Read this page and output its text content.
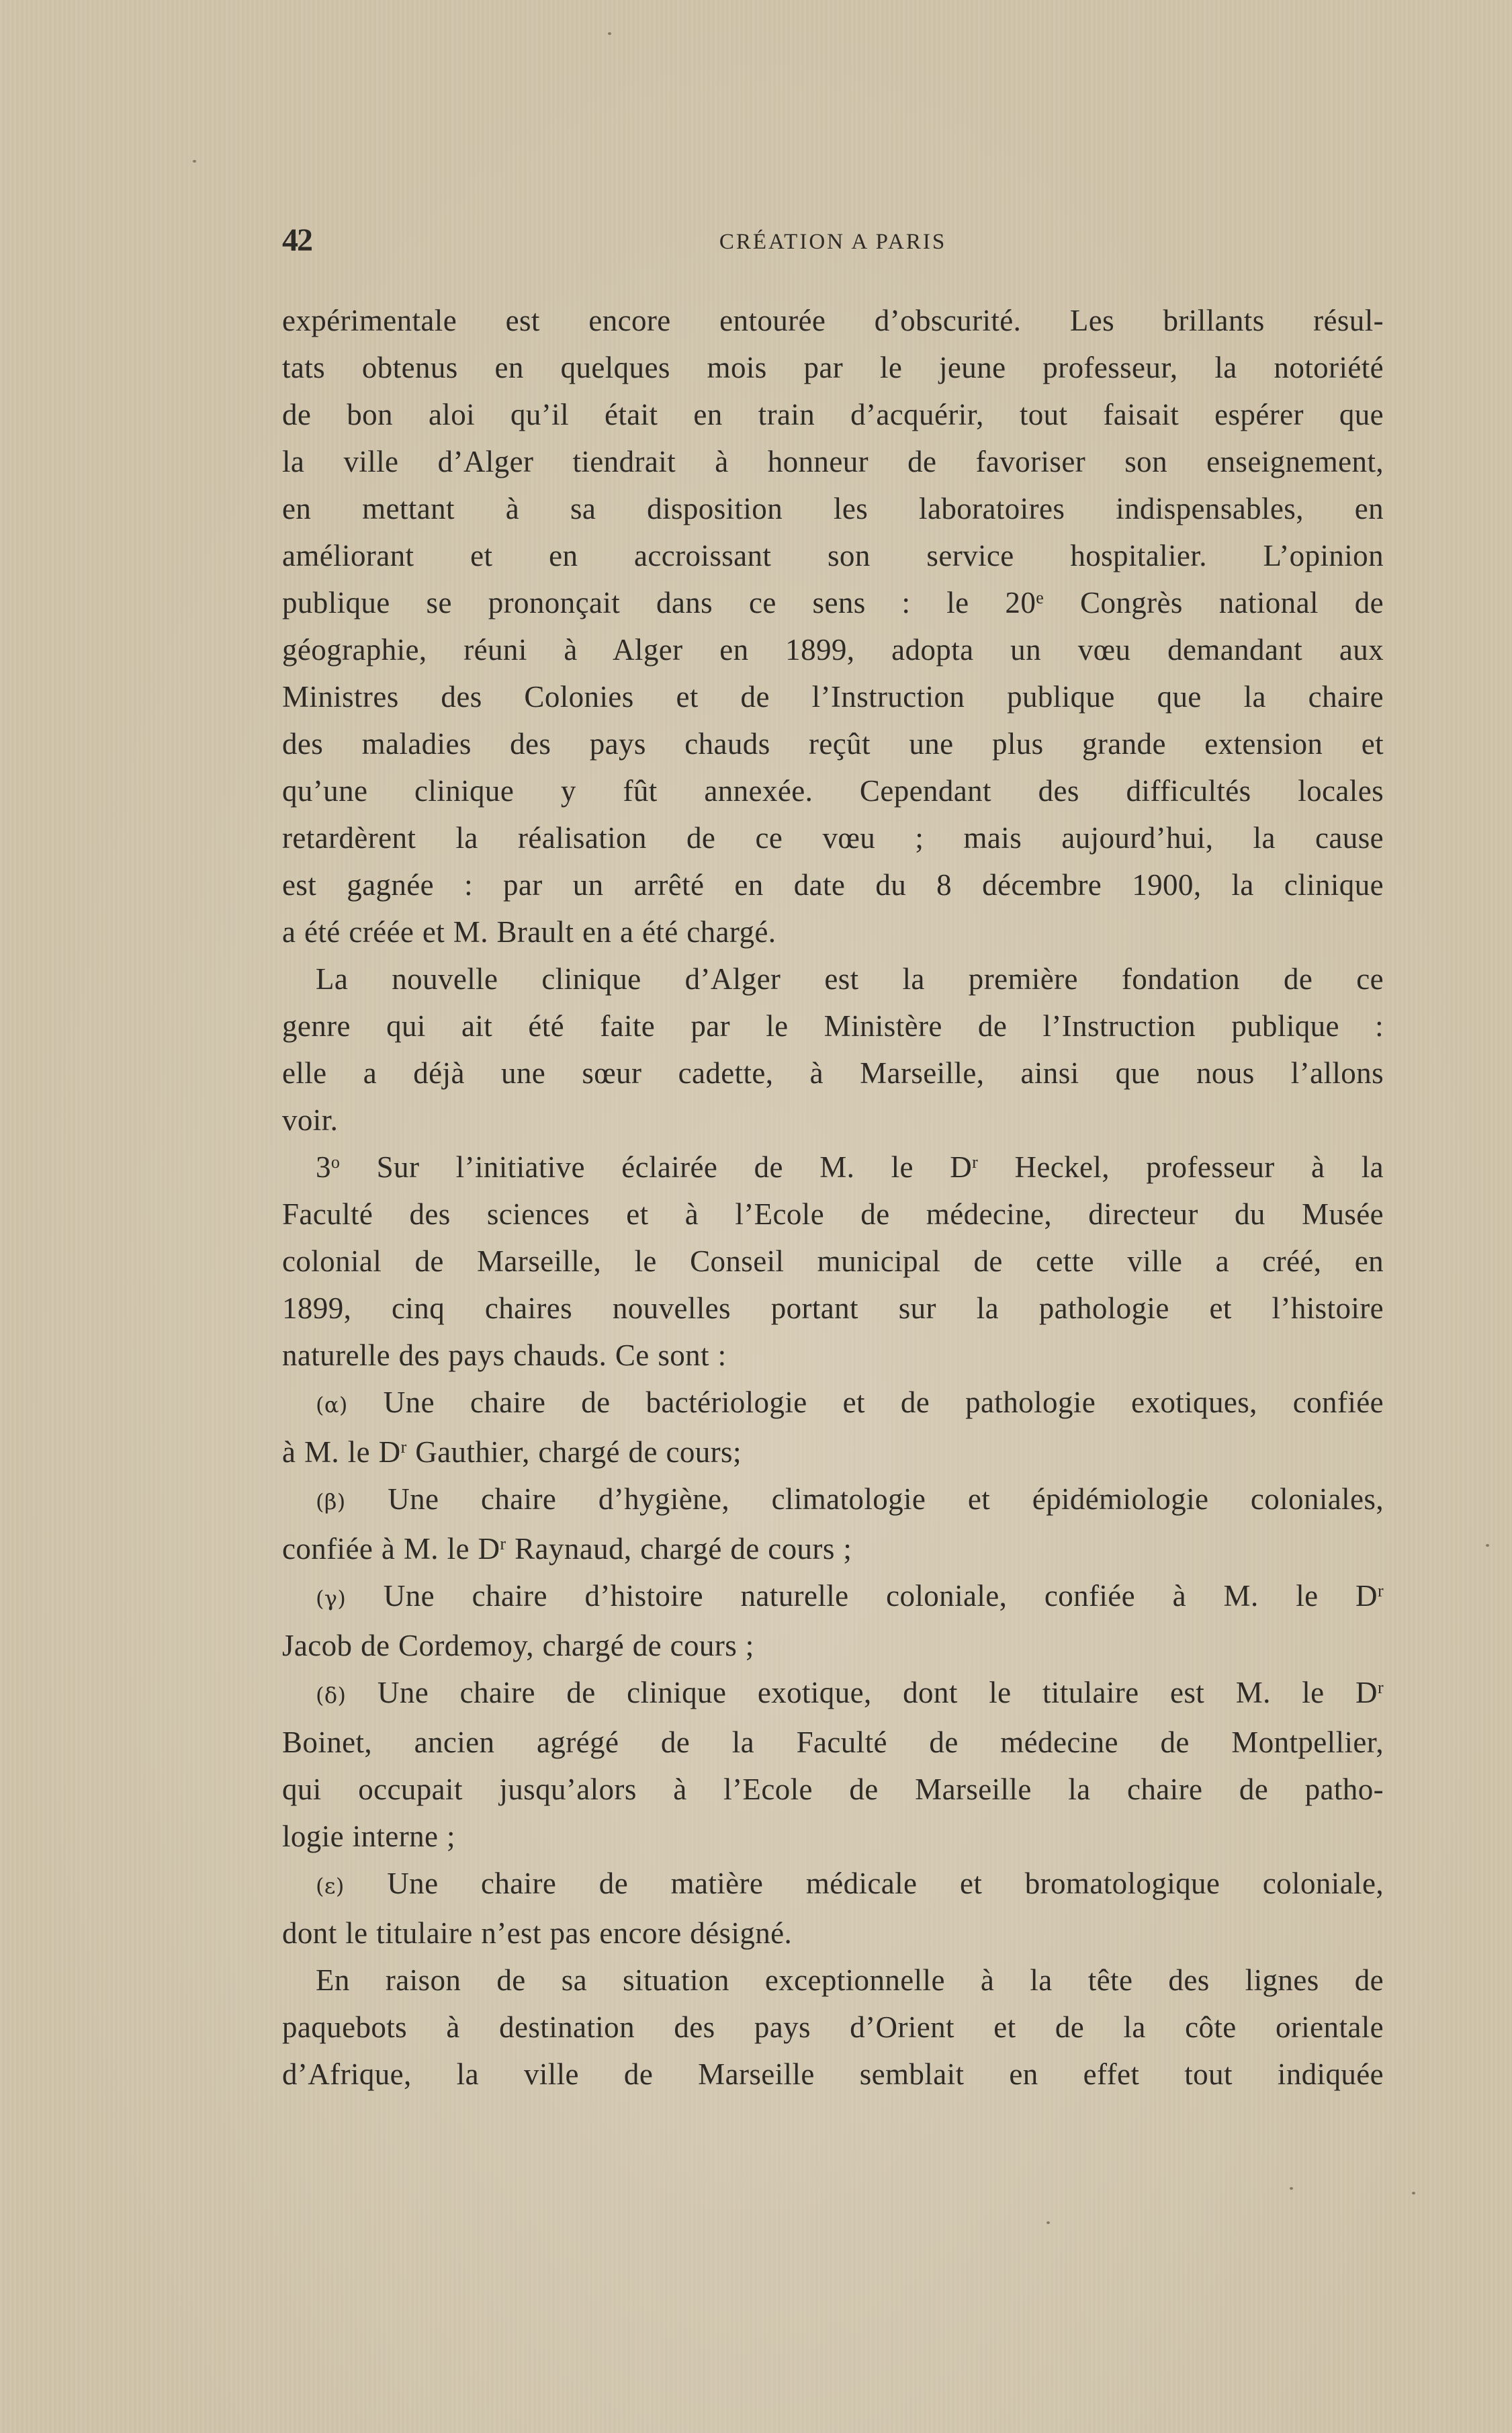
42	CRÉATION A PARIS

expérimentale est encore entourée d’obscurité. Les brillants résul-
tats obtenus en quelques mois par le jeune professeur, la notoriété
de bon aloi qu’il était en train d’acquérir, tout faisait espérer que
la ville d’Alger tiendrait à honneur de favoriser son enseignement,
en mettant à sa disposition les laboratoires indispensables, en
améliorant et en accroissant son service hospitalier. L’opinion
publique se prononçait dans ce sens : le 20e Congrès national de
géographie, réuni à Alger en 1899, adopta un vœu demandant aux
Ministres des Colonies et de l’Instruction publique que la chaire
des maladies des pays chauds reçût une plus grande extension et
qu’une clinique y fût annexée. Cependant des difficultés locales
retardèrent la réalisation de ce vœu ; mais aujourd’hui, la cause
est gagnée : par un arrêté en date du 8 décembre 1900, la clinique
a été créée et M. Brault en a été chargé.

La nouvelle clinique d’Alger est la première fondation de ce
genre qui ait été faite par le Ministère de l’Instruction publique :
elle a déjà une sœur cadette, à Marseille, ainsi que nous l’allons
voir.

3$^o$ Sur l’initiative éclairée de M. le $D^r$ Heckel, professeur à la
Faculté des sciences et à l’Ecole de médecine, directeur du Musée
colonial de Marseille, le Conseil municipal de cette ville a créé, en
1899, cinq chaires nouvelles portant sur la pathologie et l’histoire
naturelle des pays chauds. Ce sont :

(α) Une chaire de bactériologie et de pathologie exotiques, confiée
à M. le $D^r$ Gauthier, chargé de cours;

(β) Une chaire d’hygiène, climatologie et épidémiologie coloniales,
confiée à M. le $D^r$ Raynaud, chargé de cours ;

(γ) Une chaire d’histoire naturelle coloniale, confiée à M. le $D^r$
Jacob de Cordemoy, chargé de cours ;

(δ) Une chaire de clinique exotique, dont le titulaire est M. le $D^r$
Boinet, ancien agrégé de la Faculté de médecine de Montpellier,
qui occupait jusqu’alors à l’Ecole de Marseille la chaire de patho-
logie interne ;

(ε) Une chaire de matière médicale et bromatologique coloniale,
dont le titulaire n’est pas encore désigné.

En raison de sa situation exceptionnelle à la tête des lignes de
paquebots à destination des pays d’Orient et de la côte orientale
d’Afrique, la ville de Marseille semblait en effet tout indiquée
